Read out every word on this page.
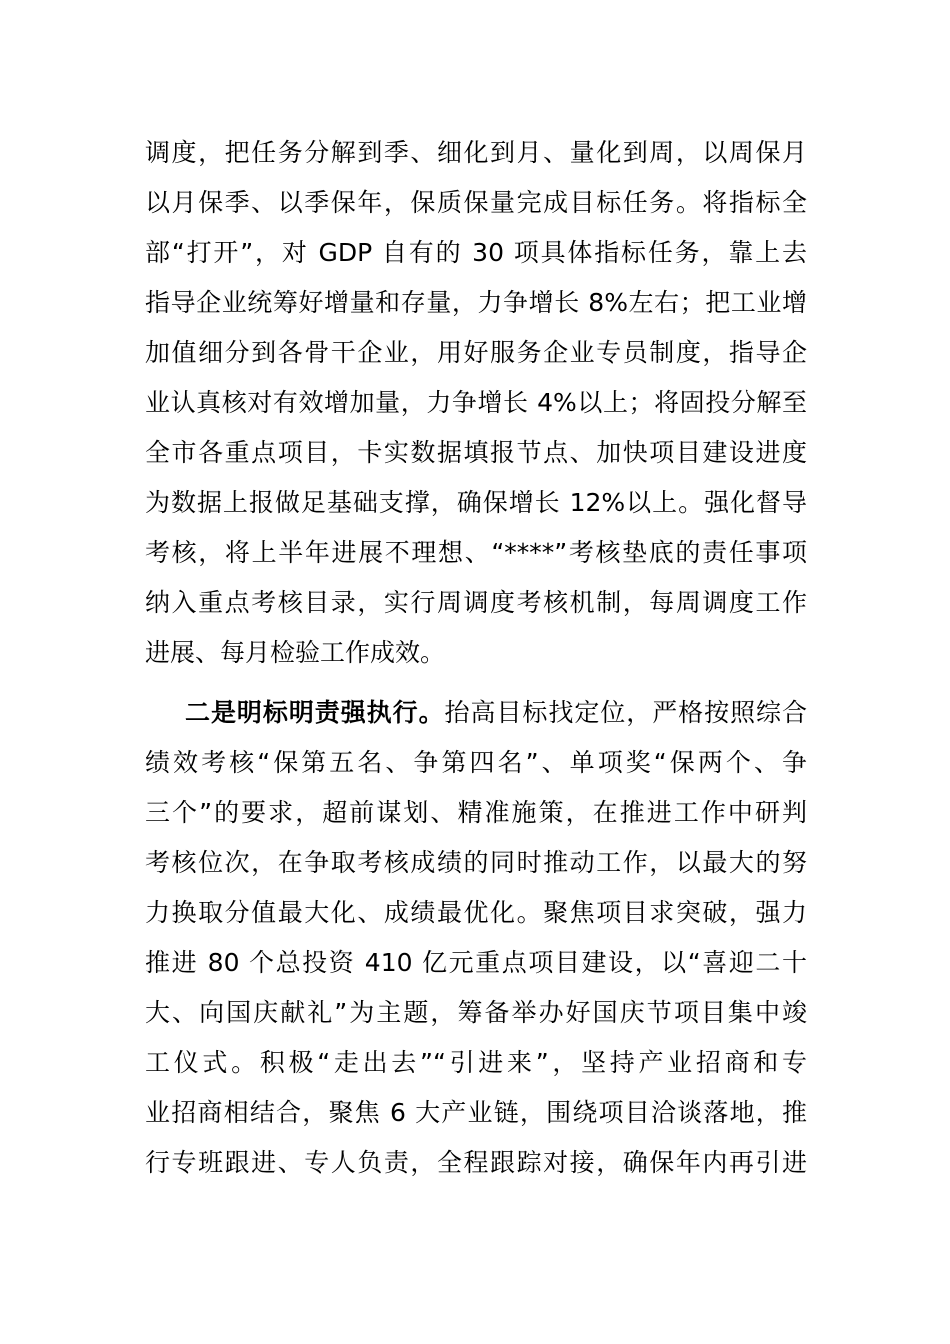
调度，把任务分解到季、细化到月、量化到周，以周保月
以月保季、以季保年，保质保量完成目标任务。将指标全
部“打开”，对 GDP 自有的 30 项具体指标任务，靠上去
指导企业统筹好增量和存量，力争增长 8%左右；把工业增
加值细分到各骨干企业，用好服务企业专员制度，指导企
业认真核对有效增加量，力争增长 4%以上；将固投分解至
全市各重点项目，卡实数据填报节点、加快项目建设进度
为数据上报做足基础支撑，确保增长 12%以上。强化督导
考核，将上半年进展不理想、“****”考核垫底的责任事项
纳入重点考核目录，实行周调度考核机制，每周调度工作
进展、每月检验工作成效。
二是明标明责强执行。抬高目标找定位，严格按照综合
绩效考核“保第五名、争第四名”、单项奖“保两个、争
三个”的要求，超前谋划、精准施策，在推进工作中研判
考核位次，在争取考核成绩的同时推动工作，以最大的努
力换取分值最大化、成绩最优化。聚焦项目求突破，强力
推进 80 个总投资 410 亿元重点项目建设，以“喜迎二十
大、向国庆献礼”为主题，筹备举办好国庆节项目集中竣
工仪式。积极“走出去”“引进来”，坚持产业招商和专
业招商相结合，聚焦 6 大产业链，围绕项目洽谈落地，推
行专班跟进、专人负责，全程跟踪对接，确保年内再引进
